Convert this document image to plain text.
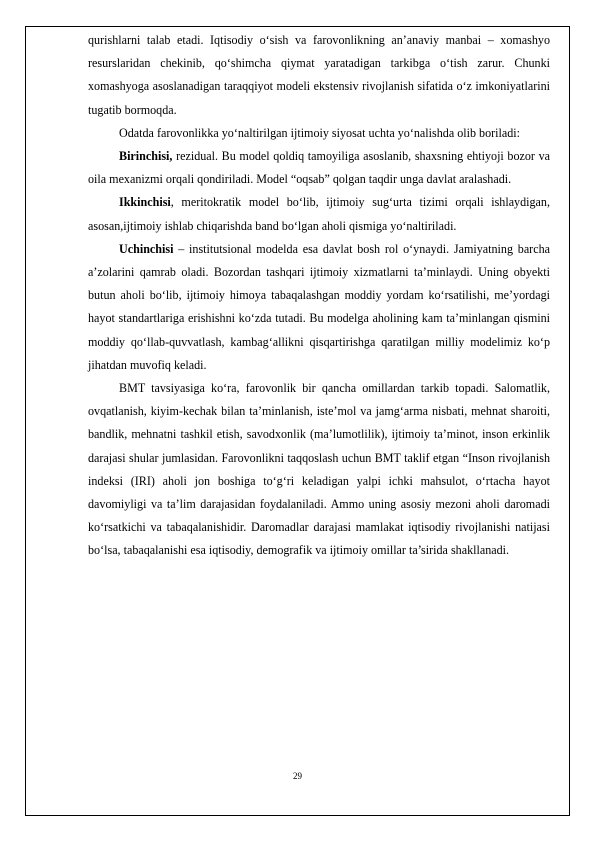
qurishlarni talab etadi. Iqtisodiy o‘sish va farovonlikning an’anaviy manbai – xomashyo resurslaridan chekinib, qo‘shimcha qiymat yaratadigan tarkibga o‘tish zarur. Chunki xomashyoga asoslanadigan taraqqiyot modeli ekstensiv rivojlanish sifatida o‘z imkoniyatlarini tugatib bormoqda.

Odatda farovonlikka yo‘naltirilgan ijtimoiy siyosat uchta yo‘nalishda olib boriladi:

Birinchisi, rezidual. Bu model qoldiq tamoyiliga asoslanib, shaxsning ehtiyoji bozor va oila mexanizmi orqali qondiriladi. Model “oqsab” qolgan taqdir unga davlat aralashadi.

Ikkinchisi, meritokratik model bo‘lib, ijtimoiy sug‘urta tizimi orqali ishlaydigan, asosan,ijtimoiy ishlab chiqarishda band bo‘lgan aholi qismiga yo‘naltiriladi.

Uchinchisi – institutsional modelda esa davlat bosh rol o‘ynaydi. Jamiyatning barcha a’zolarini qamrab oladi. Bozordan tashqari ijtimoiy xizmatlarni ta’minlaydi. Uning obyekti butun aholi bo‘lib, ijtimoiy himoya tabaqalashgan moddiy yordam ko‘rsatilishi, me’yordagi hayot standartlariga erishishni ko‘zda tutadi. Bu modelga aholining kam ta’minlangan qismini moddiy qo‘llab-quvvatlash, kambag‘allikni qisqartirishga qaratilgan milliy modelimiz ko‘p jihatdan muvofiq keladi.

BMT tavsiyasiga ko‘ra, farovonlik bir qancha omillardan tarkib topadi. Salomatlik, ovqatlanish, kiyim-kechak bilan ta’minlanish, iste’mol va jamg‘arma nisbati, mehnat sharoiti, bandlik, mehnatni tashkil etish, savodxonlik (ma’lumotlilik), ijtimoiy ta’minot, inson erkinlik darajasi shular jumlasidan. Farovonlikni taqqoslash uchun BMT taklif etgan “Inson rivojlanish indeksi (IRI) aholi jon boshiga to‘g‘ri keladigan yalpi ichki mahsulot, o‘rtacha hayot davomiyligi va ta’lim darajasidan foydalaniladi. Ammo uning asosiy mezoni aholi daromadi ko‘rsatkichi va tabaqalanishidir. Daromadlar darajasi mamlakat iqtisodiy rivojlanishi natijasi bo‘lsa, tabaqalanishi esa iqtisodiy, demografik va ijtimoiy omillar ta’sirida shakllanadi.

29
